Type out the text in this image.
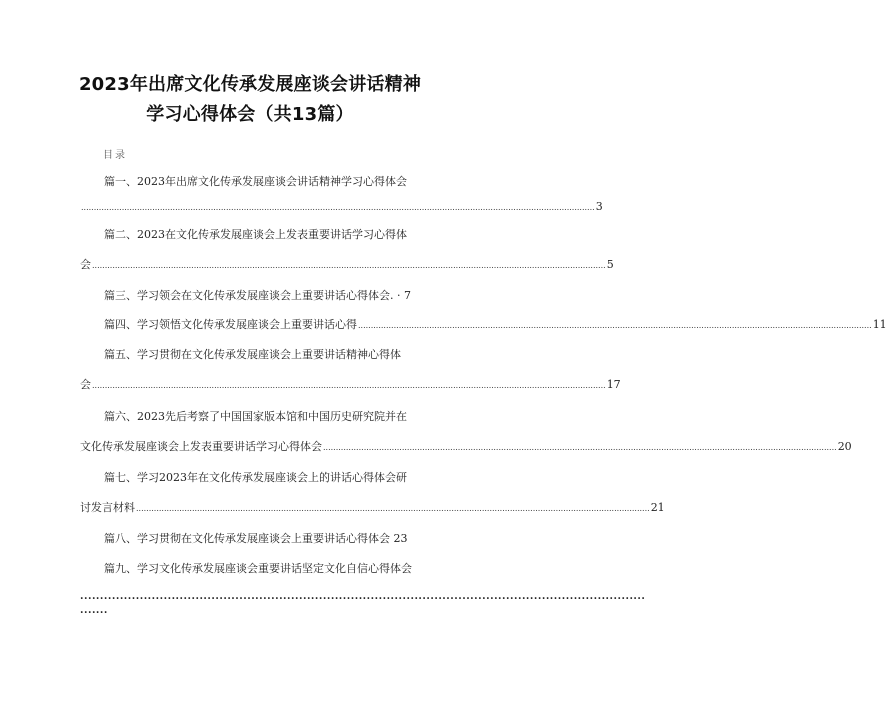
2023年出席文化传承发展座谈会讲话精神
学习心得体会（共13篇）
目录
篇一、2023年出席文化传承发展座谈会讲话精神学习心得体会
.......................................................................................................................................................................................................... 3
篇二、2023在文化传承发展座谈会上发表重要讲话学习心得体
会 .......................................................................................................................................................................................................... 5
篇三、学习领会在文化传承发展座谈会上重要讲话心得体会. · 7
篇四、学习领悟文化传承发展座谈会上重要讲话心得 .......................................................................................................................................................................................................... 11
篇五、学习贯彻在文化传承发展座谈会上重要讲话精神心得体
会 .......................................................................................................................................................................................................... 17
篇六、2023先后考察了中国国家版本馆和中国历史研究院并在
文化传承发展座谈会上发表重要讲话学习心得体会 .......................................................................................................................................................................................................... 20
篇七、学习2023年在文化传承发展座谈会上的讲话心得体会研
讨发言材料 .......................................................................................................................................................................................................... 21
篇八、学习贯彻在文化传承发展座谈会上重要讲话心得体会 23
篇九、学习文化传承发展座谈会重要讲话坚定文化自信心得体会
..............................................................................................................................................
.......
